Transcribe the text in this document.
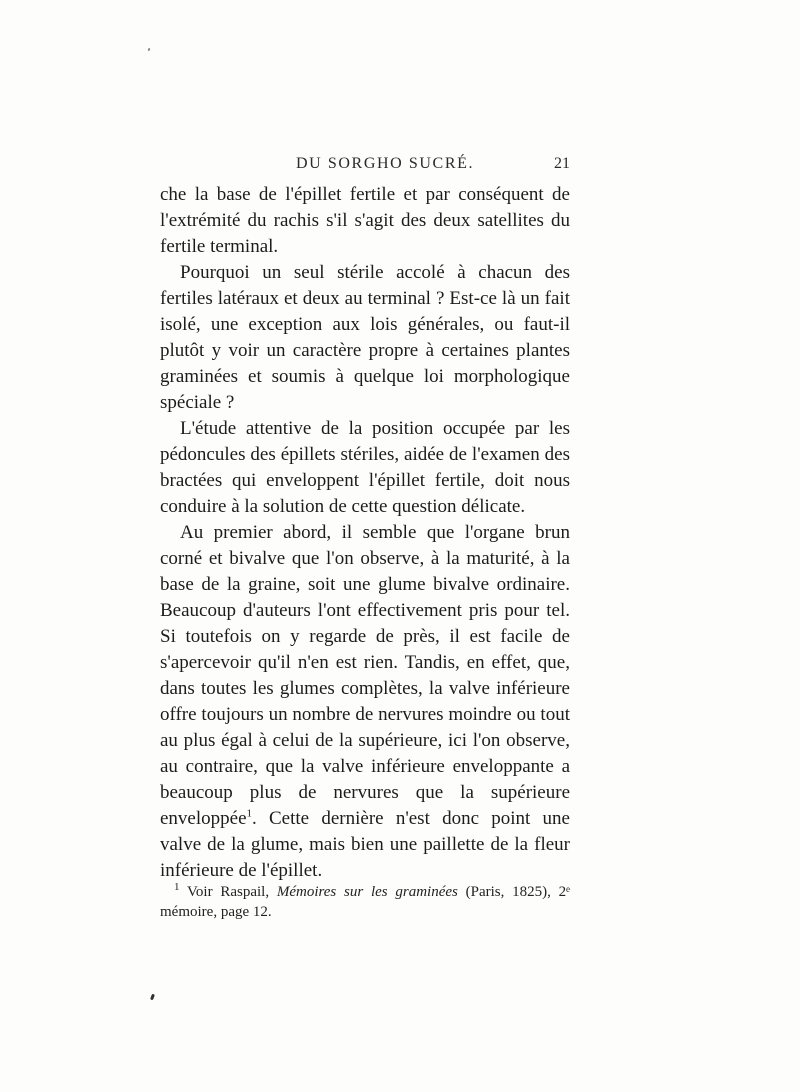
DU SORGHO SUCRÉ.	21

che la base de l'épillet fertile et par conséquent de l'extrémité du rachis s'il s'agit des deux satellites du fertile terminal.

Pourquoi un seul stérile accolé à chacun des fertiles latéraux et deux au terminal ? Est-ce là un fait isolé, une exception aux lois générales, ou faut-il plutôt y voir un caractère propre à certaines plantes graminées et soumis à quelque loi morphologique spéciale ?

L'étude attentive de la position occupée par les pédoncules des épillets stériles, aidée de l'examen des bractées qui enveloppent l'épillet fertile, doit nous conduire à la solution de cette question délicate.

Au premier abord, il semble que l'organe brun corné et bivalve que l'on observe, à la maturité, à la base de la graine, soit une glume bivalve ordinaire. Beaucoup d'auteurs l'ont effectivement pris pour tel. Si toutefois on y regarde de près, il est facile de s'apercevoir qu'il n'en est rien. Tandis, en effet, que, dans toutes les glumes complètes, la valve inférieure offre toujours un nombre de nervures moindre ou tout au plus égal à celui de la supérieure, ici l'on observe, au contraire, que la valve inférieure enveloppante a beaucoup plus de nervures que la supérieure enveloppée$^1$. Cette dernière n'est donc point une valve de la glume, mais bien une paillette de la fleur inférieure de l'épillet.

$^1$ Voir Raspail, Mémoires sur les graminées (Paris, 1825), 2ᵉ mémoire, page 12.
